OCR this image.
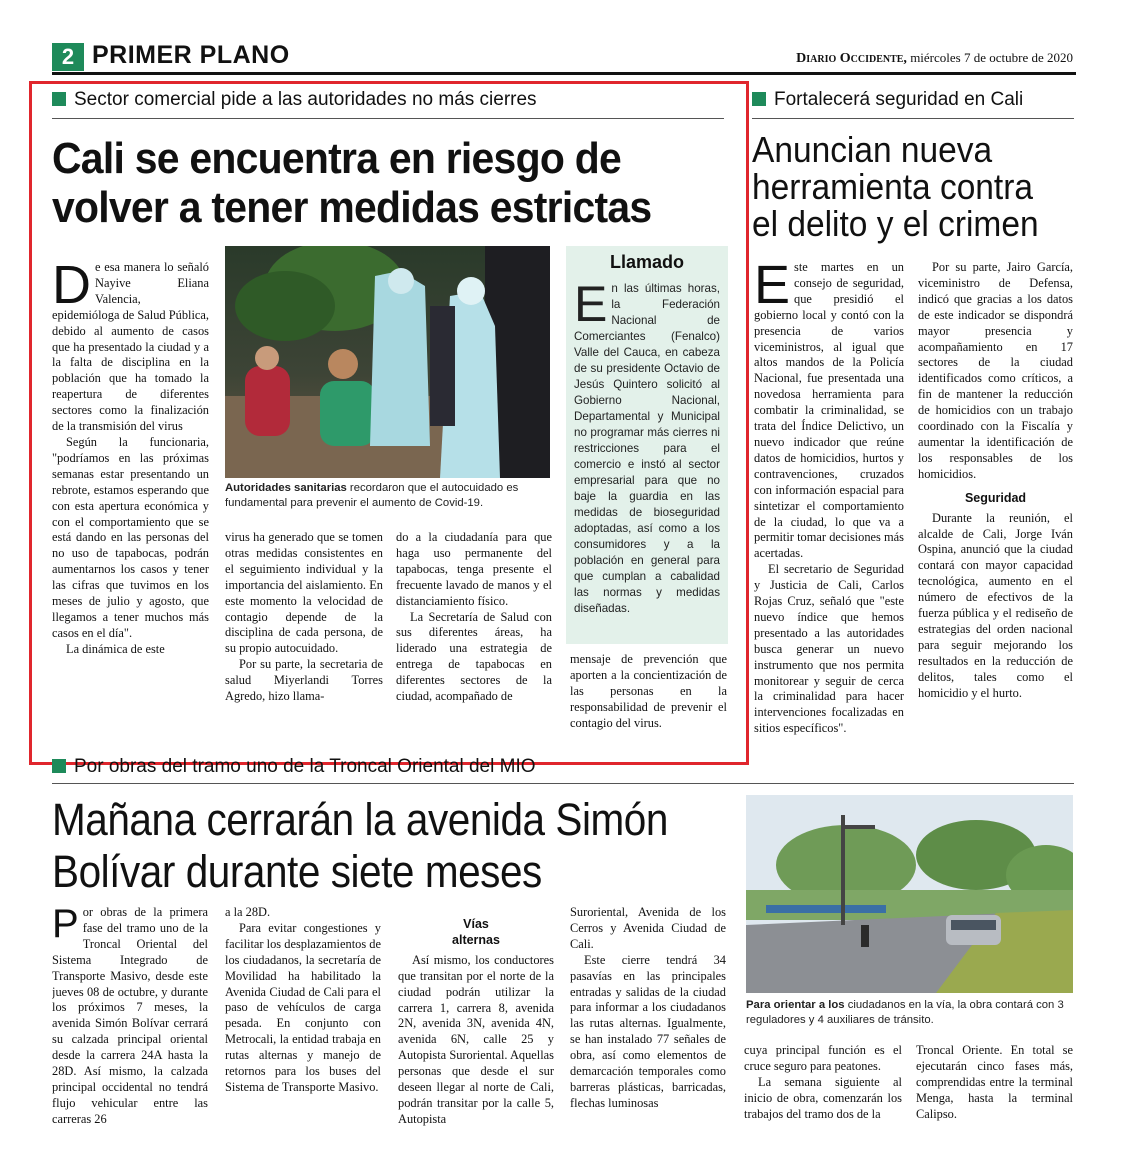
2 PRIMER PLANO	Diario Occidente, miércoles 7 de octubre de 2020
Sector comercial pide a las autoridades no más cierres
Cali se encuentra en riesgo de
volver a tener medidas estrictas

De esa manera lo señaló Nayive Eliana Valencia, epidemióloga de Salud Pública, debido al aumento de casos que ha presentado la ciudad y a la falta de disciplina en la población que ha tomado la reapertura de diferentes sectores como la finalización de la transmisión del virus

Según la funcionaria, "podríamos en las próximas semanas estar presentando un rebrote, estamos esperando que con esta apertura económica y con el comportamiento que se está dando en las personas del no uso de tapabocas, podrán aumentarnos los casos y tener las cifras que tuvimos en los meses de julio y agosto, que llegamos a tener muchos más casos en el día".

La dinámica de este

Autoridades sanitarias recordaron que el autocuidado es fundamental para prevenir el aumento de Covid-19.

virus ha generado que se tomen otras medidas consistentes en el seguimiento individual y la importancia del aislamiento. En este momento la velocidad de contagio depende de la disciplina de cada persona, de su propio autocuidado.

Por su parte, la secretaria de salud Miyerlandi Torres Agredo, hizo llama-

do a la ciudadanía para que haga uso permanente del tapabocas, tenga presente el frecuente lavado de manos y el distanciamiento físico.

La Secretaría de Salud con sus diferentes áreas, ha liderado una estrategia de entrega de tapabocas en diferentes sectores de la ciudad, acompañado de

Llamado
En las últimas horas, la Federación Nacional de Comerciantes (Fenalco) Valle del Cauca, en cabeza de su presidente Octavio de Jesús Quintero solicitó al Gobierno Nacional, Departamental y Municipal no programar más cierres ni restricciones para el comercio e instó al sector empresarial para que no baje la guardia en las medidas de bioseguridad adoptadas, así como a los consumidores y a la población en general para que cumplan a cabalidad las normas y medidas diseñadas.

mensaje de prevención que aporten a la concientización de las personas en la responsabilidad de prevenir el contagio del virus.

Fortalecerá seguridad en Cali
Anuncian nueva
herramienta contra
el delito y el crimen

Este martes en un consejo de seguridad, que presidió el gobierno local y contó con la presencia de varios viceministros, al igual que altos mandos de la Policía Nacional, fue presentada una novedosa herramienta para combatir la criminalidad, se trata del Índice Delictivo, un nuevo indicador que reúne datos de homicidios, hurtos y contravenciones, cruzados con información espacial para sintetizar el comportamiento de la ciudad, lo que va a permitir tomar decisiones más acertadas.

El secretario de Seguridad y Justicia de Cali, Carlos Rojas Cruz, señaló que "este nuevo índice que hemos presentado a las autoridades busca generar un nuevo instrumento que nos permita monitorear y seguir de cerca la criminalidad para hacer intervenciones focalizadas en sitios específicos".

Por su parte, Jairo García, viceministro de Defensa, indicó que gracias a los datos de este indicador se dispondrá mayor presencia y acompañamiento en 17 sectores de la ciudad identificados como críticos, a fin de mantener la reducción de homicidios con un trabajo coordinado con la Fiscalía y aumentar la identificación de los responsables de los homicidios.

Seguridad

Durante la reunión, el alcalde de Cali, Jorge Iván Ospina, anunció que la ciudad contará con mayor capacidad tecnológica, aumento en el número de efectivos de la fuerza pública y el rediseño de estrategias del orden nacional para seguir mejorando los resultados en la reducción de delitos, tales como el homicidio y el hurto.

Por obras del tramo uno de la Troncal Oriental del MIO
Mañana cerrarán la avenida Simón
Bolívar durante siete meses

Por obras de la primera fase del tramo uno de la Troncal Oriental del Sistema Integrado de Transporte Masivo, desde este jueves 08 de octubre, y durante los próximos 7 meses, la avenida Simón Bolívar cerrará su calzada principal oriental desde la carrera 24A hasta la 28D. Así mismo, la calzada principal occidental no tendrá flujo vehicular entre las carreras 26

a la 28D.

Para evitar congestiones y facilitar los desplazamientos de los ciudadanos, la secretaría de Movilidad ha habilitado la Avenida Ciudad de Cali para el paso de vehículos de carga pesada. En conjunto con Metrocali, la entidad trabaja en rutas alternas y manejo de retornos para los buses del Sistema de Transporte Masivo.

Vías

alternas

Así mismo, los conductores que transitan por el norte de la ciudad podrán utilizar la carrera 1, carrera 8, avenida 2N, avenida 3N, avenida 4N, avenida 6N, calle 25 y Autopista Suroriental. Aquellas personas que desde el sur deseen llegar al norte de Cali, podrán transitar por la calle 5, Autopista

Suroriental, Avenida de los Cerros y Avenida Ciudad de Cali.

Este cierre tendrá 34 pasavías en las principales entradas y salidas de la ciudad para informar a los ciudadanos las rutas alternas. Igualmente, se han instalado 77 señales de obra, así como elementos de demarcación temporales como barreras plásticas, barricadas, flechas luminosas

Para orientar a los ciudadanos en la vía, la obra contará con 3 reguladores y 4 auxiliares de tránsito.

cuya principal función es el cruce seguro para peatones.

La semana siguiente al inicio de obra, comenzarán los trabajos del tramo dos de la

Troncal Oriente. En total se ejecutarán cinco fases más, comprendidas entre la terminal Menga, hasta la terminal Calipso.
